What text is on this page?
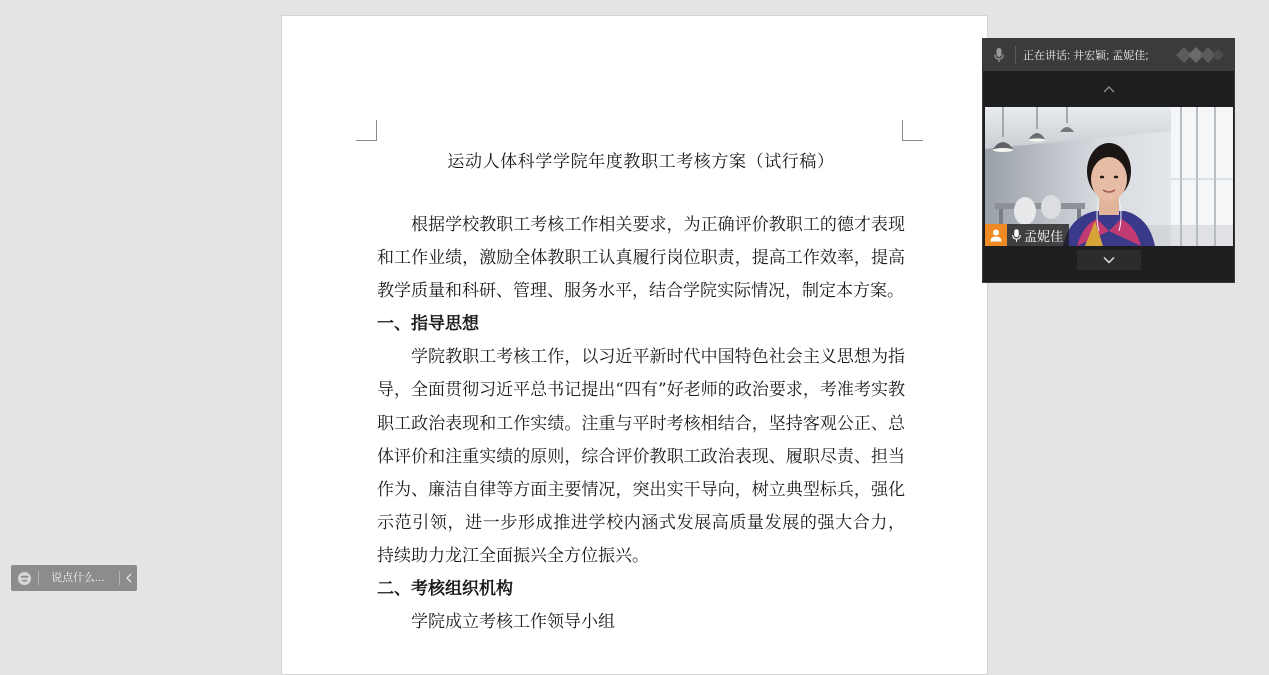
运动人体科学学院年度教职工考核方案（试行稿）

根据学校教职工考核工作相关要求，为正确评价教职工的德才表现和工作业绩，激励全体教职工认真履行岗位职责，提高工作效率，提高教学质量和科研、管理、服务水平，结合学院实际情况，制定本方案。

一、指导思想

学院教职工考核工作，以习近平新时代中国特色社会主义思想为指导，全面贯彻习近平总书记提出“四有”好老师的政治要求，考准考实教职工政治表现和工作实绩。注重与平时考核相结合，坚持客观公正、总体评价和注重实绩的原则，综合评价教职工政治表现、履职尽责、担当作为、廉洁自律等方面主要情况，突出实干导向，树立典型标兵，强化示范引领，进一步形成推进学校内涵式发展高质量发展的强大合力， 持续助力龙江全面振兴全方位振兴。

二、考核组织机构

学院成立考核工作领导小组

正在讲话: 井宏颖; 孟妮佳;
孟妮佳
说点什么...
